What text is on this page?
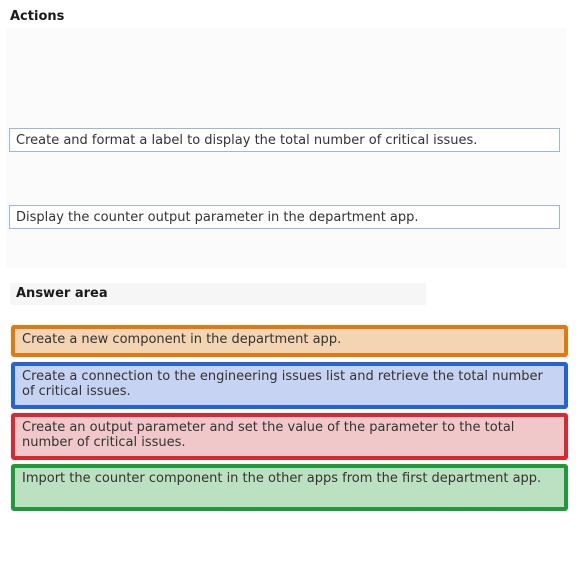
Actions
Create and format a label to display the total number of critical issues.
Display the counter output parameter in the department app.
Answer area
Create a new component in the department app.
Create a connection to the engineering issues list and retrieve the total number of critical issues.
Create an output parameter and set the value of the parameter to the total number of critical issues.
Import the counter component in the other apps from the first department app.
